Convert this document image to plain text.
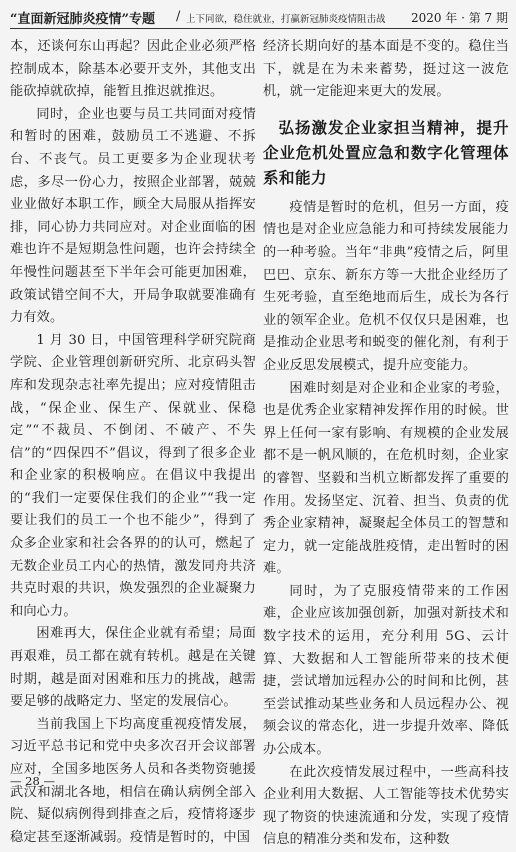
“直面新冠肺炎疫情”专题 / 上下同欲，稳住就业，打赢新冠肺炎疫情阻击战 2020 年 · 第 7 期

本，还谈何东山再起？因此企业必须严格控制成本，除基本必要开支外，其他支出能砍掉就砍掉，能暂且推迟就推迟。

同时，企业也要与员工共同面对疫情和暂时的困难，鼓励员工不逃避、不拆台、不丧气。员工更要多为企业现状考虑，多尽一份心力，按照企业部署，兢兢业业做好本职工作，顾全大局服从指挥安排，同心协力共同应对。对企业面临的困难也许不是短期急性问题，也许会持续全年慢性问题甚至下半年会可能更加困难，政策试错空间不大，开局争取就要准确有力有效。

1 月 30 日，中国管理科学研究院商学院、企业管理创新研究所、北京码头智库和发现杂志社率先提出；应对疫情阻击战，“保企业、保生产、保就业、保稳定”“不裁员、不倒闭、不破产、不失信”的“四保四不”倡议，得到了很多企业和企业家的积极响应。在倡议中我提出的“我们一定要保住我们的企业”“我一定要让我们的员工一个也不能少”，得到了众多企业家和社会各界的的认可，燃起了无数企业员工内心的热情，激发同舟共济共克时艰的共识，焕发强烈的企业凝聚力和向心力。

困难再大，保住企业就有希望；局面再艰难，员工都在就有转机。越是在关键时期，越是面对困难和压力的挑战，越需要足够的战略定力、坚定的发展信心。

当前我国上下均高度重视疫情发展，习近平总书记和党中央多次召开会议部署应对，全国多地医务人员和各类物资驰援武汉和湖北各地，相信在确认病例全部入院、疑似病例得到排查之后，疫情将逐步稳定甚至逐渐减弱。疫情是暂时的，中国

经济长期向好的基本面是不变的。稳住当下，就是在为未来蓄势，挺过这一波危机，就一定能迎来更大的发展。

弘扬激发企业家担当精神，提升企业危机处置应急和数字化管理体系和能力

疫情是暂时的危机，但另一方面，疫情也是对企业应急能力和可持续发展能力的一种考验。当年“非典”疫情之后，阿里巴巴、京东、新东方等一大批企业经历了生死考验，直至绝地而后生，成长为各行业的领军企业。危机不仅仅只是困难，也是推动企业思考和蜕变的催化剂，有利于企业反思发展模式，提升应变能力。

困难时刻是对企业和企业家的考验，也是优秀企业家精神发挥作用的时候。世界上任何一家有影响、有规模的企业发展都不是一帆风顺的，在危机时刻，企业家的睿智、坚毅和当机立断都发挥了重要的作用。发扬坚定、沉着、担当、负责的优秀企业家精神，凝聚起全体员工的智慧和定力，就一定能战胜疫情，走出暂时的困难。

同时，为了克服疫情带来的工作困难，企业应该加强创新，加强对新技术和数字技术的运用，充分利用 5G、云计算、大数据和人工智能所带来的技术便捷，尝试增加远程办公的时间和比例，甚至尝试推动某些业务和人员远程办公、视频会议的常态化，进一步提升效率、降低办公成本。

在此次疫情发展过程中，一些高科技企业利用大数据、人工智能等技术优势实现了物资的快速流通和分发，实现了疫情信息的精准分类和发布，这种数

— 28 —
